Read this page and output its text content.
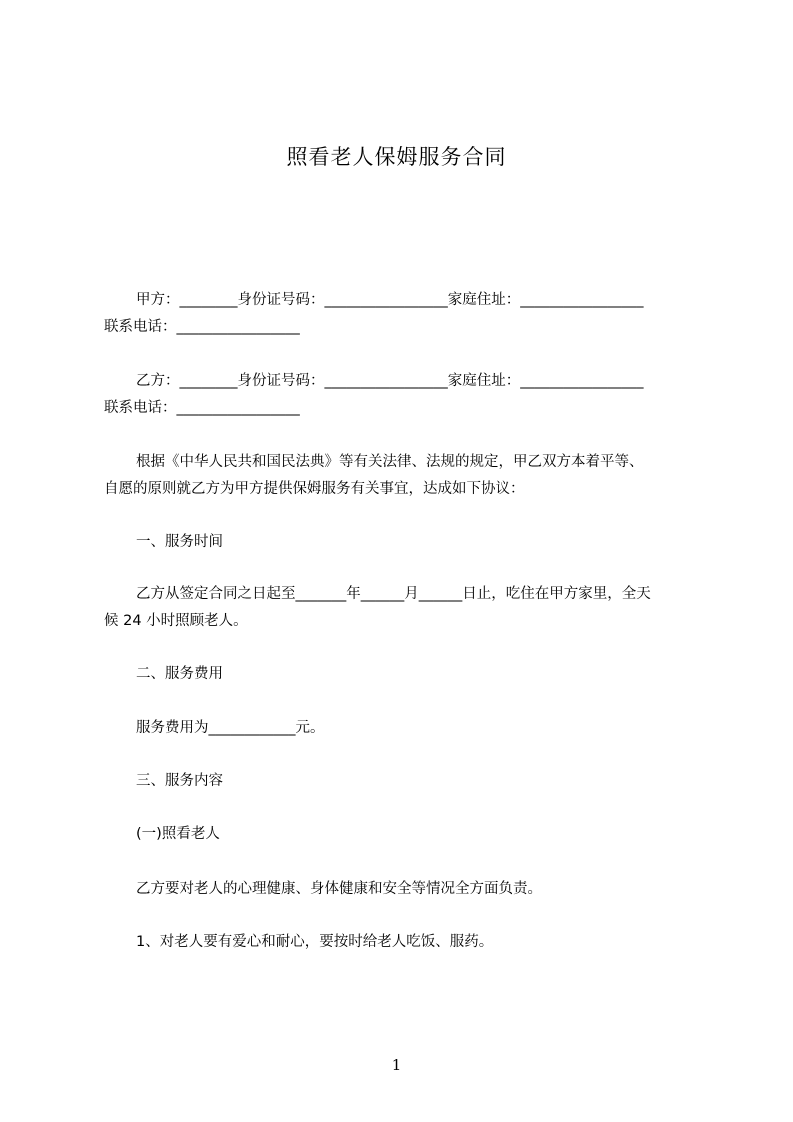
照看老人保姆服务合同
甲方：________身份证号码：_________________家庭住址：_________________
联系电话：_________________
乙方：________身份证号码：_________________家庭住址：_________________
联系电话：_________________
根据《中华人民共和国民法典》等有关法律、法规的规定，甲乙双方本着平等、
自愿的原则就乙方为甲方提供保姆服务有关事宜，达成如下协议：
一、服务时间
乙方从签定合同之日起至_______年______月______日止，吃住在甲方家里，全天
候 24 小时照顾老人。
二、服务费用
服务费用为____________元。
三、服务内容
(一)照看老人
乙方要对老人的心理健康、身体健康和安全等情况全方面负责。
1、对老人要有爱心和耐心，要按时给老人吃饭、服药。
1
